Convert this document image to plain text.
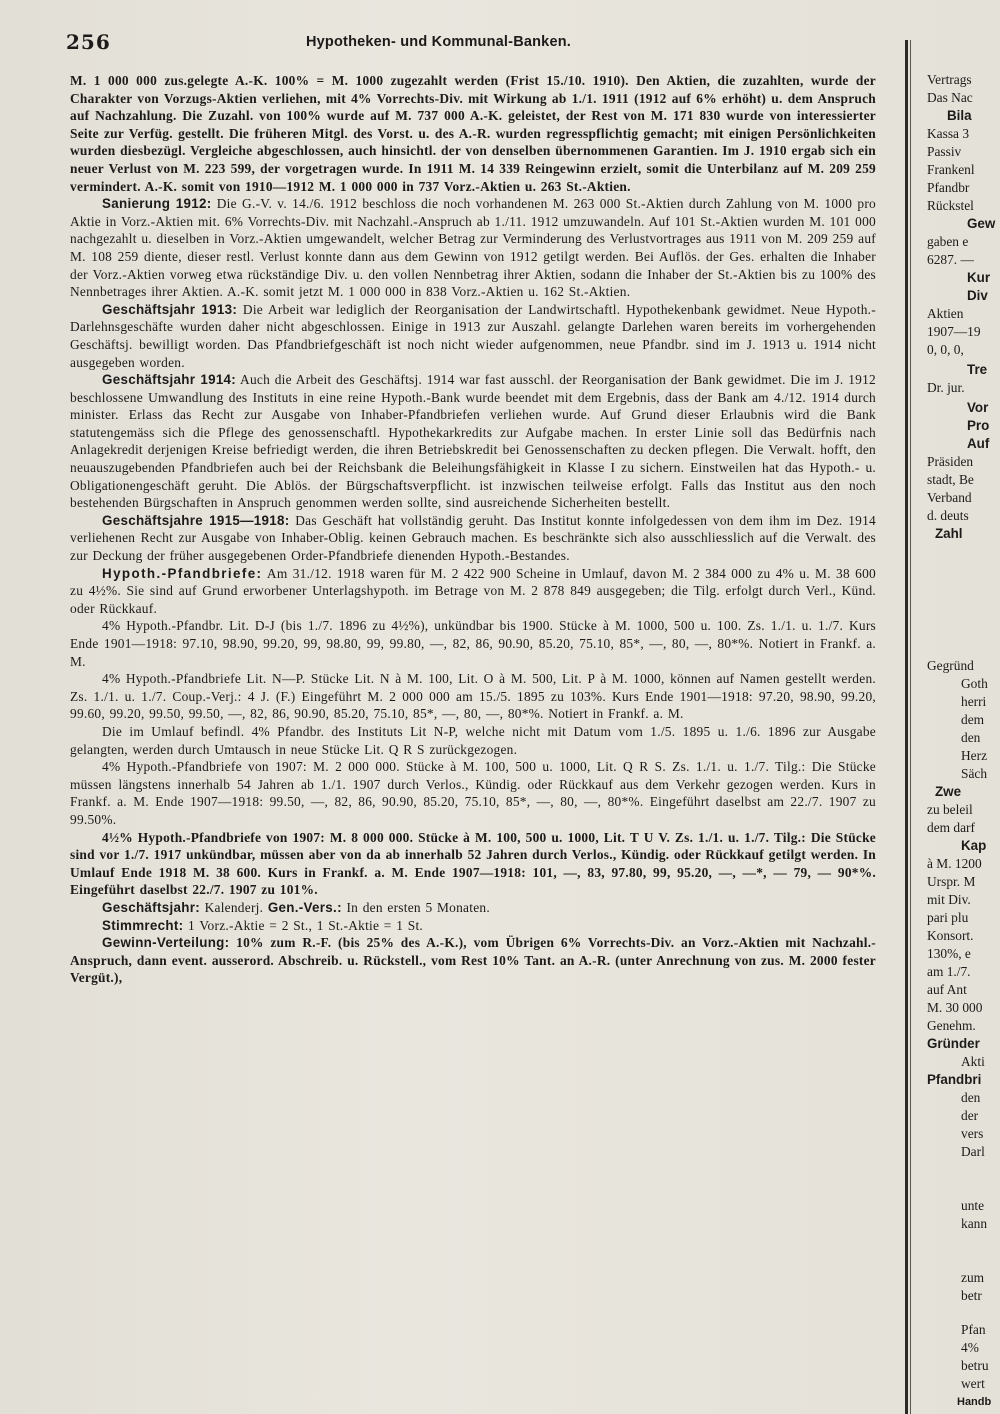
256	Hypotheken- und Kommunal-Banken.

M. 1 000 000 zus.gelegte A.-K. 100% = M. 1000 zugezahlt werden (Frist 15./10. 1910). Den Aktien, die zuzahlten, wurde der Charakter von Vorzugs-Aktien verliehen, mit 4% Vorrechts-Div. mit Wirkung ab 1./1. 1911 (1912 auf 6% erhöht) u. dem Anspruch auf Nachzahlung. Die Zuzahl. von 100% wurde auf M. 737 000 A.-K. geleistet, der Rest von M. 171 830 wurde von interessierter Seite zur Verfüg. gestellt. Die früheren Mitgl. des Vorst. u. des A.-R. wurden regresspflichtig gemacht; mit einigen Persönlichkeiten wurden diesbezügl. Vergleiche abgeschlossen, auch hinsichtl. der von denselben übernommenen Garantien. Im J. 1910 ergab sich ein neuer Verlust von M. 223 599, der vorgetragen wurde. In 1911 M. 14 339 Reingewinn erzielt, somit die Unterbilanz auf M. 209 259 vermindert. A.-K. somit von 1910—1912 M. 1 000 000 in 737 Vorz.-Aktien u. 263 St.-Aktien.

Sanierung 1912: Die G.-V. v. 14./6. 1912 beschloss die noch vorhandenen M. 263 000 St.-Aktien durch Zahlung von M. 1000 pro Aktie in Vorz.-Aktien mit. 6% Vorrechts-Div. mit Nachzahl.-Anspruch ab 1./11. 1912 umzuwandeln. Auf 101 St.-Aktien wurden M. 101 000 nachgezahlt u. dieselben in Vorz.-Aktien umgewandelt, welcher Betrag zur Verminderung des Verlustvortrages aus 1911 von M. 209 259 auf M. 108 259 diente, dieser restl. Verlust konnte dann aus dem Gewinn von 1912 getilgt werden. Bei Auflös. der Ges. erhalten die Inhaber der Vorz.-Aktien vorweg etwa rückständige Div. u. den vollen Nennbetrag ihrer Aktien, sodann die Inhaber der St.-Aktien bis zu 100% des Nennbetrages ihrer Aktien. A.-K. somit jetzt M. 1 000 000 in 838 Vorz.-Aktien u. 162 St.-Aktien.

Geschäftsjahr 1913: Die Arbeit war lediglich der Reorganisation der Landwirtschaftl. Hypothekenbank gewidmet. Neue Hypoth.-Darlehnsgeschäfte wurden daher nicht abgeschlossen. Einige in 1913 zur Auszahl. gelangte Darlehen waren bereits im vorhergehenden Geschäftsj. bewilligt worden. Das Pfandbriefgeschäft ist noch nicht wieder aufgenommen, neue Pfandbr. sind im J. 1913 u. 1914 nicht ausgegeben worden.

Geschäftsjahr 1914: Auch die Arbeit des Geschäftsj. 1914 war fast ausschl. der Reorganisation der Bank gewidmet. Die im J. 1912 beschlossene Umwandlung des Instituts in eine reine Hypoth.-Bank wurde beendet mit dem Ergebnis, dass der Bank am 4./12. 1914 durch minister. Erlass das Recht zur Ausgabe von Inhaber-Pfandbriefen verliehen wurde. Auf Grund dieser Erlaubnis wird die Bank statutengemäss sich die Pflege des genossenschaftl. Hypothekarkredits zur Aufgabe machen. In erster Linie soll das Bedürfnis nach Anlagekredit derjenigen Kreise befriedigt werden, die ihren Betriebskredit bei Genossenschaften zu decken pflegen. Die Verwalt. hofft, den neuauszugebenden Pfandbriefen auch bei der Reichsbank die Beleihungsfähigkeit in Klasse I zu sichern. Einstweilen hat das Hypoth.- u. Obligationengeschäft geruht. Die Ablös. der Bürgschaftsverpflicht. ist inzwischen teilweise erfolgt. Falls das Institut aus den noch bestehenden Bürgschaften in Anspruch genommen werden sollte, sind ausreichende Sicherheiten bestellt.

Geschäftsjahre 1915—1918: Das Geschäft hat vollständig geruht. Das Institut konnte infolgedessen von dem ihm im Dez. 1914 verliehenen Recht zur Ausgabe von Inhaber-Oblig. keinen Gebrauch machen. Es beschränkte sich also ausschliesslich auf die Verwalt. des zur Deckung der früher ausgegebenen Order-Pfandbriefe dienenden Hypoth.-Bestandes.

Hypoth.-Pfandbriefe: Am 31./12. 1918 waren für M. 2 422 900 Scheine in Umlauf, davon M. 2 384 000 zu 4% u. M. 38 600 zu 4½%. Sie sind auf Grund erworbener Unterlagshypoth. im Betrage von M. 2 878 849 ausgegeben; die Tilg. erfolgt durch Verl., Künd. oder Rückkauf.

4% Hypoth.-Pfandbr. Lit. D-J (bis 1./7. 1896 zu 4½%), unkündbar bis 1900. Stücke à M. 1000, 500 u. 100. Zs. 1./1. u. 1./7. Kurs Ende 1901—1918: 97.10, 98.90, 99.20, 99, 98.80, 99, 99.80, —, 82, 86, 90.90, 85.20, 75.10, 85*, —, 80, —, 80*%. Notiert in Frankf. a. M.

4% Hypoth.-Pfandbriefe Lit. N—P. Stücke Lit. N à M. 100, Lit. O à M. 500, Lit. P à M. 1000, können auf Namen gestellt werden. Zs. 1./1. u. 1./7. Coup.-Verj.: 4 J. (F.) Eingeführt M. 2 000 000 am 15./5. 1895 zu 103%. Kurs Ende 1901—1918: 97.20, 98.90, 99.20, 99.60, 99.20, 99.50, 99.50, —, 82, 86, 90.90, 85.20, 75.10, 85*, —, 80, —, 80*%. Notiert in Frankf. a. M.

Die im Umlauf befindl. 4% Pfandbr. des Instituts Lit N-P, welche nicht mit Datum vom 1./5. 1895 u. 1./6. 1896 zur Ausgabe gelangten, werden durch Umtausch in neue Stücke Lit. Q R S zurückgezogen.

4% Hypoth.-Pfandbriefe von 1907: M. 2 000 000. Stücke à M. 100, 500 u. 1000, Lit. Q R S. Zs. 1./1. u. 1./7. Tilg.: Die Stücke müssen längstens innerhalb 54 Jahren ab 1./1. 1907 durch Verlos., Kündig. oder Rückkauf aus dem Verkehr gezogen werden. Kurs in Frankf. a. M. Ende 1907—1918: 99.50, —, 82, 86, 90.90, 85.20, 75.10, 85*, —, 80, —, 80*%. Eingeführt daselbst am 22./7. 1907 zu 99.50%.

4½% Hypoth.-Pfandbriefe von 1907: M. 8 000 000. Stücke à M. 100, 500 u. 1000, Lit. T U V. Zs. 1./1. u. 1./7. Tilg.: Die Stücke sind vor 1./7. 1917 unkündbar, müssen aber von da ab innerhalb 52 Jahren durch Verlos., Kündig. oder Rückkauf getilgt werden. In Umlauf Ende 1918 M. 38 600. Kurs in Frankf. a. M. Ende 1907—1918: 101, —, 83, 97.80, 99, 95.20, —, —*, — 79, — 90*%. Eingeführt daselbst 22./7. 1907 zu 101%.

Geschäftsjahr: Kalenderj. Gen.-Vers.: In den ersten 5 Monaten.

Stimmrecht: 1 Vorz.-Aktie = 2 St., 1 St.-Aktie = 1 St.

Gewinn-Verteilung: 10% zum R.-F. (bis 25% des A.-K.), vom Übrigen 6% Vorrechts-Div. an Vorz.-Aktien mit Nachzahl.-Anspruch, dann event. ausserord. Abschreib. u. Rückstell., vom Rest 10% Tant. an A.-R. (unter Anrechnung von zus. M. 2000 fester Vergüt.),

Vertrags
Das Nac
Bila
Kassa 3
Passiv
Frankenl
Pfandbr
Rückstel
Gew
gaben e
6287. —
Kur
Div
Aktien
1907—19
0, 0, 0,
Tre
Dr. jur.
Vor
Pro
Auf
Präsiden
stadt, Be
Verband
d. deuts
Zahl
Gegründ
Goth
herri
dem
den
Herz
Säch
Zwe
zu beleil
dem darf
Kap
à M. 1200
Urspr. M
mit Div.
pari plu
Konsort.
130%, e
am 1./7.
auf Ant
M. 30 000
Genehm.
Gründer
Akti
Pfandbri
den
der
vers
Darl
unte
kann
zum
betr
Pfan
4%
betru
wert
Handb
